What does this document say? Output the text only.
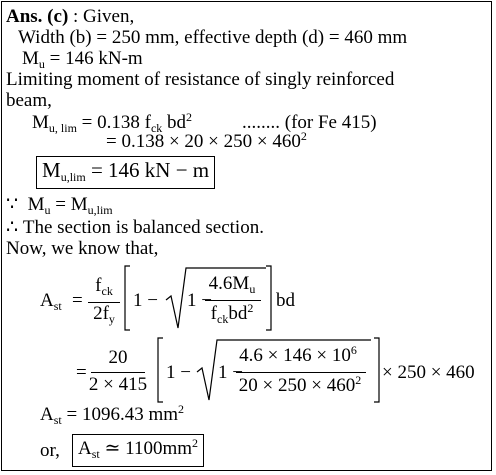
Ans. (c) : Given,
Width (b) = 250 mm, effective depth (d) = 460 mm
$M_u = 146$ kN-m
Limiting moment of resistance of singly reinforced
beam,
$M_{u, lim} = 0.138$ $f_{ck}$ $bd^2$	........ (for Fe 415)
= $0.138 \times 20 \times 250 \times 460^2$
Mu,lim = 146 kN − m
∵ $M_u = M_{u,lim}$
∴ The section is balanced section.
Now, we know that,
$A_{st}$ =
$f_{ck}$
$2f_y$
1 − 1 −
$4.6M_u$
$f_{ck}bd^2$	bd
=
20
2 × 415
1 − 1 −
$4.6 \times 146 \times 10^6$
$20 \times 250 \times 460^2$	× 250 × 460
$A_{st} = 1096.43$ $mm^2$
or, $A_{st}$ ≃ $1100mm^2$
